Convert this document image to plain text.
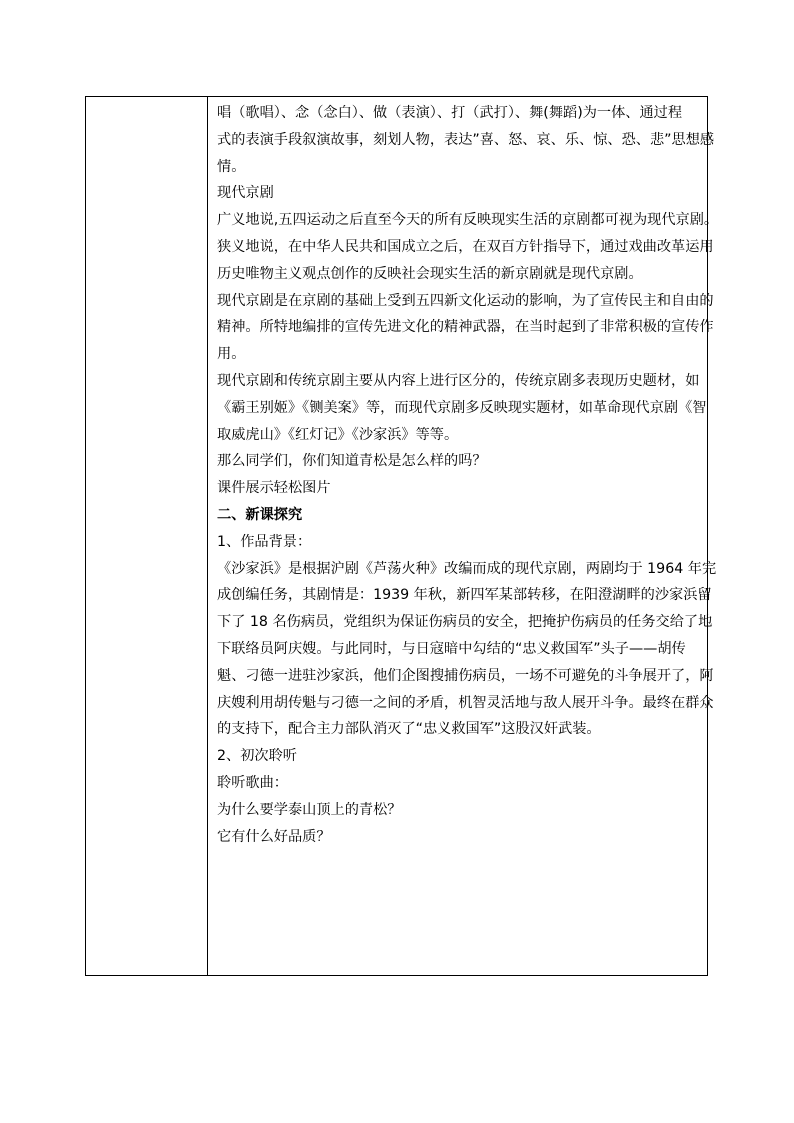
唱（歌唱）、念（念白）、做（表演）、打（武打）、舞(舞蹈)为一体、通过程

式的表演手段叙演故事，刻划人物，表达”喜、怒、哀、乐、惊、恐、悲”思想感

情。

现代京剧

广义地说,五四运动之后直至今天的所有反映现实生活的京剧都可视为现代京剧。

狭义地说，在中华人民共和国成立之后，在双百方针指导下，通过戏曲改革运用

历史唯物主义观点创作的反映社会现实生活的新京剧就是现代京剧。

现代京剧是在京剧的基础上受到五四新文化运动的影响，为了宣传民主和自由的

精神。所特地编排的宣传先进文化的精神武器，在当时起到了非常积极的宣传作

用。

现代京剧和传统京剧主要从内容上进行区分的，传统京剧多表现历史题材，如

《霸王别姬》《铡美案》等，而现代京剧多反映现实题材，如革命现代京剧《智

取威虎山》《红灯记》《沙家浜》等等。

那么同学们，你们知道青松是怎么样的吗？

课件展示轻松图片

二、新课探究

1、作品背景：

《沙家浜》是根据沪剧《芦荡火种》改编而成的现代京剧，两剧均于 1964 年完

成创编任务，其剧情是：1939 年秋，新四军某部转移，在阳澄湖畔的沙家浜留

下了 18 名伤病员，党组织为保证伤病员的安全，把掩护伤病员的任务交给了地

下联络员阿庆嫂。与此同时，与日寇暗中勾结的“忠义救国军”头子——胡传

魁、刁德一进驻沙家浜，他们企图搜捕伤病员，一场不可避免的斗争展开了，阿

庆嫂利用胡传魁与刁德一之间的矛盾，机智灵活地与敌人展开斗争。最终在群众

的支持下，配合主力部队消灭了“忠义救国军”这股汉奸武装。

2、初次聆听

聆听歌曲：

为什么要学泰山顶上的青松？

它有什么好品质？
